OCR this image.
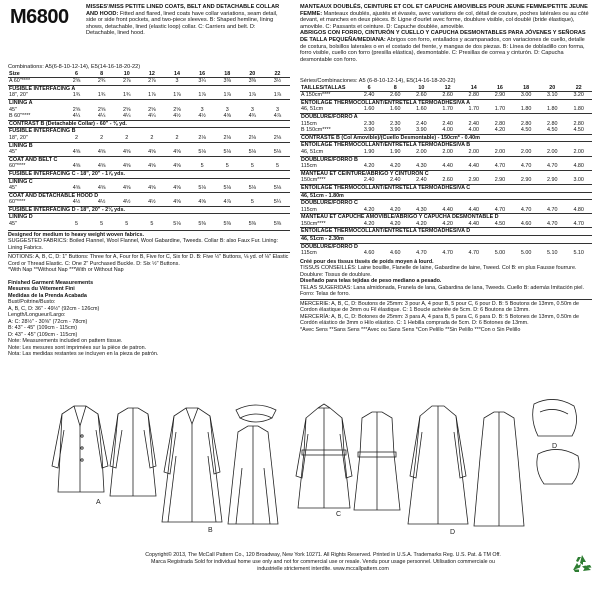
M6800	MISSES'/MISS PETITE LINED COATS, BELT AND DETACHABLE COLLAR AND HOOD: Fitted and flared, lined coats have collar variations, seam detail, side or side front pockets, and two-piece sleeves. B: Shaped hemline, lining shows, detachable, lined (elastic loop) collar. C: Carriers and belt. D: Detachable, lined hood.
MANTEAUX DOUBLÉS, CEINTURE ET COL ET CAPUCHE AMOVIBLES POUR JEUNE FEMME/PETITE JEUNE FEMME: Manteaux doublés, ajustés et évasés, avec variations de col, détail de couture, poches latérales ou au côté devant, et manches en deux pièces. B: Ligne d'ourlet avec forme, doublure visible, col doublé (bride élastique), amovible. C: Passants et ceinture. D: Capuche doublée, amovible.
ABRIGOS CON FORRO, CINTURÓN Y CUELLO Y CAPUCHA DESMONTABLES PARA JÓVENES Y SEÑORAS DE TALLA PEQUEÑA/MEDIANA: Abrigos con forro, entallados y acampanados, con variaciones de cuello, detalle de costura, bolsillos laterales o en el costado del frente, y mangas de dos piezas. B: Línea de dobladillo con forma, forro visible, cuello con forro (presilla elástica), desmontable. C: Presillas de correa y cinturón. D: Capucha desmontable con forro.
Combinations: A5(6-8-10-12-14), E5(14-16-18-20-22)
Size	6	8	10	12	14	16	18	20	22
A 60"****	2⅝	2¾	2⅞	2⅞	3	3¼	3⅜	3⅜	3½
FUSIBLE INTERFACING A									
18", 20"	1¾	1¾	1¾	1⅞	1⅞	1⅞	1⅞	1⅞	1⅞
LINING A									
45"	2⅝	2⅝	2⅝	2⅝	2⅝	3	3	3	3
B 60"****	4¼	4¼	4¼	4¼	4½	4½	4⅝	4¾	4⅞
CONTRAST B (Detachable Collar) - 60" - ⅜ yd.									
FUSIBLE INTERFACING B									
18", 20"	2	2	2	2	2	2⅛	2⅛	2⅛	2⅛
LINING B									
45"	4⅝	4⅝	4⅝	4⅝	4⅝	5⅛	5⅛	5⅛	5⅛
COAT AND BELT C									
60"****	4⅝	4⅝	4⅝	4⅝	4⅝	5	5	5	5
FUSIBLE INTERFACING C - 18", 20" - 1⅞ yds.									
LINING C									
45"	4⅝	4⅝	4⅝	4⅝	4⅝	5⅛	5⅛	5⅛	5⅛
COAT AND DETACHABLE HOOD D									
60"****	4½	4½	4½	4½	4⅝	4⅝	4⅞	5	5¼
FUSIBLE INTERFACING D - 18", 20" - 2⅛ yds.									
LINING D									
45"	5	5	5	5	5⅛	5⅜	5⅜	5⅜	5⅜
Designed for medium to heavy weight woven fabrics.
SUGGESTED FABRICS: Boiled Flannel, Wool Flannel, Wool Gabardine, Tweeds. Collar B: also Faux Fur. Lining: Lining Fabrics.
NOTIONS: A, B, C, D: 1" Buttons: Three for A, Four for B, Five for C, Six for D. B: Five ½" Buttons, ⅛ yd. of ⅛" Elastic Cord or Thread Elastic. C: One 2" Purchased Buckle. D: Six ½" Buttons.
*With Nap **Without Nap ***With or Without Nap
Finished Garment Measurements
Mesures du Vêtement Fini
Medidas de la Prenda Acabada
Bust/Poitrine/Busto:
A, B, C, D: 36" - 49½" (92cm - 126cm)
Length/Longueur/Largo:
A: C: 28½" - 30⅝" (72cm - 78cm)
B: 43" - 45" (109cm - 115cm)
D: 43" - 45" (109cm - 115cm)
Note: Measurements included on pattern tissue.
Note: Les mesures sont imprimées sur la pièce de patron.
Nota: Las medidas restantes se incluyen en la pieza de patrón.
Séries/Combinaciones: A5 (6-8-10-12-14), E5(14-16-18-20-22)
TAILLES/TALLAS	6	8	10	12	14	16	18	20	22
A 150cm****	2.40	2.60	2.60	2.60	2.80	2.90	3.00	3.10	3.20
ENTOILAGE THERMOCOLLANT/ENTRETELA TERMOADHESIVA A									
46, 51cm	1.60	1.60	1.60	1.70	1.70	1.70	1.80	1.80	1.80
DOUBLURE/FORRO A									
115cm	2.30	2.30	2.40	2.40	2.40	2.80	2.80	2.80	2.80
B 150cm****	3.90	3.90	3.90	4.00	4.00	4.20	4.50	4.50	4.50
CONTRASTE B (Col Amovible)/(Cuello Desmontable) - 150cm* - 0.40m									
ENTOILAGE THERMOCOLLANT/ENTRETELA TERMOADHESIVA B									
46, 51cm	1.90	1.90	2.00	2.00	2.00	2.00	2.00	2.00	2.00
DOUBLURE/FORRO B									
115cm	4.20	4.20	4.30	4.40	4.40	4.70	4.70	4.70	4.80
MANTEAU ET CEINTURE/ABRIGO Y CINTURÓN C									
150cm****	2.40	2.40	2.40	2.60	2.90	2.90	2.90	2.90	3.00
ENTOILAGE THERMOCOLLANT/ENTRETELA TERMOADHESIVA C									
46, 51cm - 1.80m									
DOUBLURE/FORRO C									
115cm	4.20	4.20	4.30	4.40	4.40	4.70	4.70	4.70	4.80
MANTEAU ET CAPUCHE AMOVIBLE/ABRIGO Y CAPUCHA DESMONTABLE D									
150cm****	4.20	4.20	4.20	4.20	4.40	4.50	4.60	4.70	4.70
ENTOILAGE THERMOCOLLANT/ENTRETELA TERMOADHESIVA D									
46, 51cm - 2.30m									
DOUBLURE/FORRO D									
115cm	4.60	4.60	4.70	4.70	4.70	5.00	5.00	5.10	5.10
Créé pour des tissus tissés de poids moyen à lourd.
TISSUS CONSEILLÉS: Laine bouillie, Flanelle de laine, Gabardine de laine, Tweed. Col B: en plus Fausse fourrure. Doublure: Tissus de doublure.
Diseñado para telas tejidas de peso mediano a pesado.
TELAS SUGERIDAS: Lana almidonada, Franela de lana, Gabardina de lana, Tweeds. Cuello B: además Imitación piel. Forro: Telas de forro.
MERCERIE: A, B, C, D: Boutons de 25mm: 3 pour A, 4 pour B, 5 pour C, 6 pour D. B: 5 Boutons de 13mm, 0.50m de Cordon élastique de 3mm ou Fil élastique. C: 1 Boucle achetée de 5cm. D: 6 Boutons de 13mm.
MERCERÍA: A, B, C, D: Botones de 25mm: 3 para A, 4 para B, 5 para C, 6 para D. B: 5 Botones de 13mm, 0.50m de Cordón elástico de 3mm o Hilo elástico. C: 1 Hebilla comprada de 5cm. D: 6 Botones de 13mm.
*Avec Sens **Sans Sens ***Avec ou Sans Sens *Con Pelillo **Sin Pelillo ***Con o Sin Pelillo
A
B
C
D
D
Copyright© 2013, The McCall Pattern Co., 120 Broadway, New York 10271. All Rights Reserved. Printed in U.S.A. Trademarks Reg. U.S. Pat. & TM Off.
Marca Registrada Sold for individual home use only and not for commercial use or resale. Vendu pour usage personnel. Utilisation commerciale ou
industrielle strictement interdite. www.mccallpattern.com
